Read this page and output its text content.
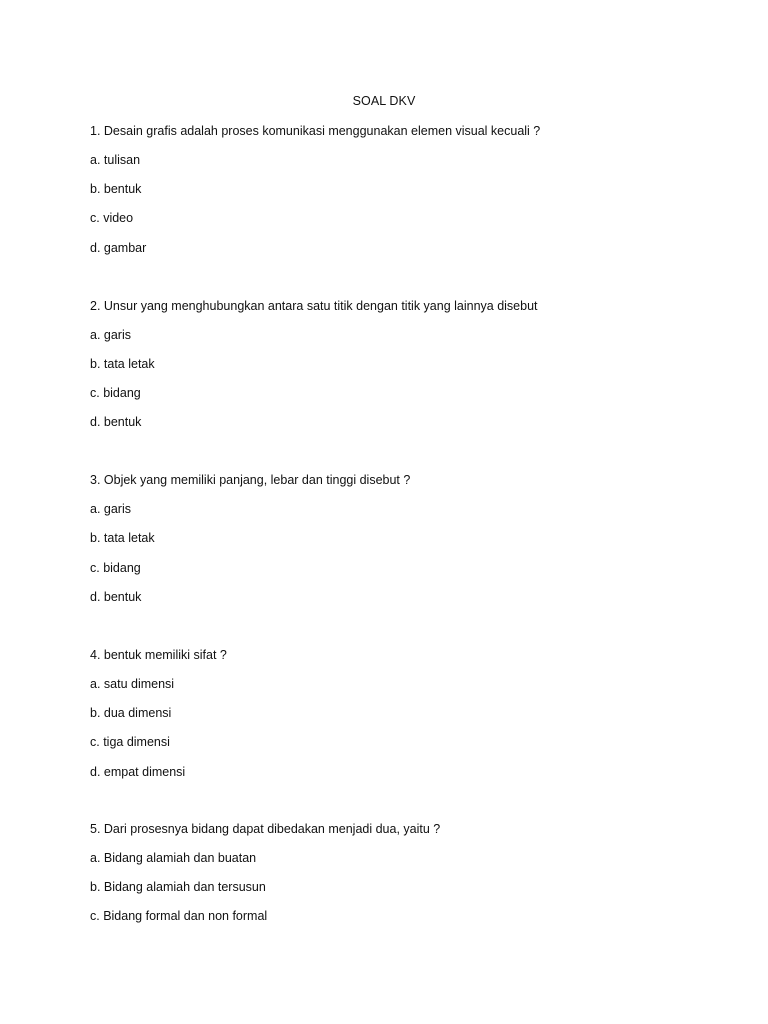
SOAL DKV
1. Desain grafis adalah proses komunikasi menggunakan elemen visual kecuali ?
a. tulisan
b. bentuk
c. video
d. gambar
2. Unsur yang menghubungkan antara satu titik dengan titik yang lainnya disebut
a. garis
b. tata letak
c. bidang
d. bentuk
3. Objek yang memiliki panjang, lebar dan tinggi disebut ?
a. garis
b. tata letak
c. bidang
d. bentuk
4. bentuk memiliki sifat ?
a. satu dimensi
b. dua dimensi
c. tiga dimensi
d. empat dimensi
5. Dari prosesnya bidang dapat dibedakan menjadi dua, yaitu ?
a. Bidang alamiah dan buatan
b. Bidang alamiah dan tersusun
c. Bidang formal dan non formal
